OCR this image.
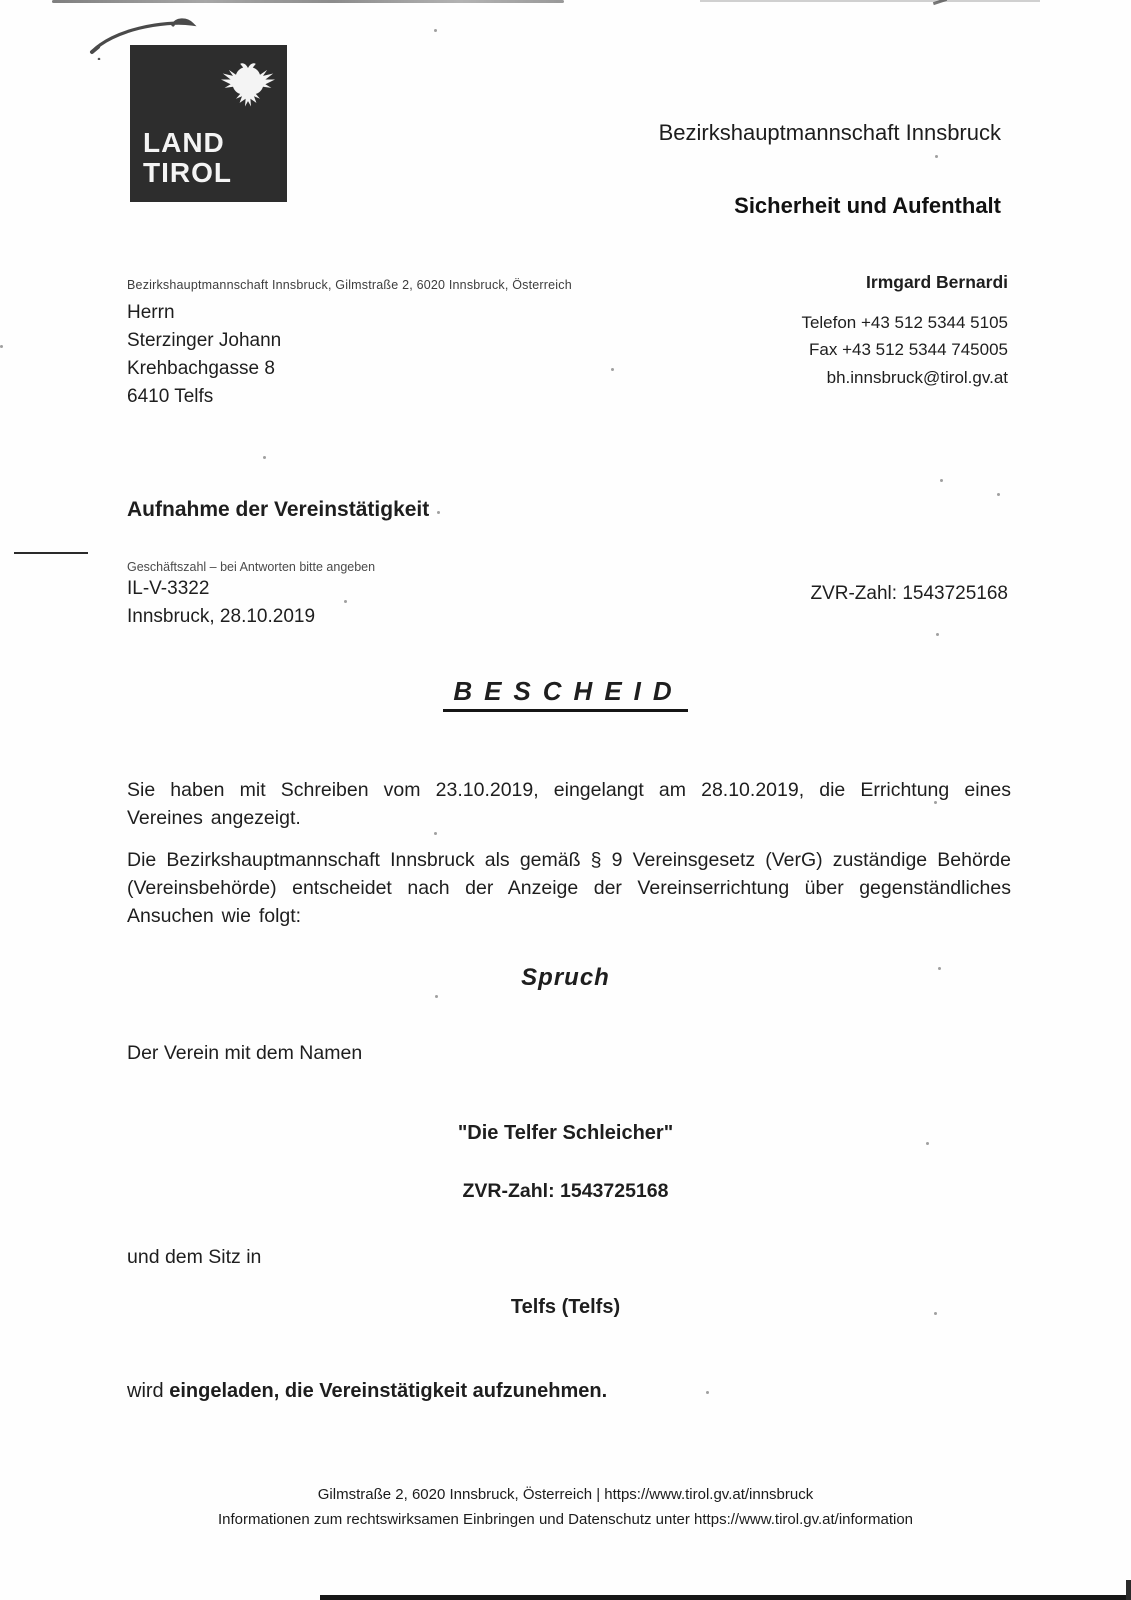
LAND
TIROL
Bezirkshauptmannschaft Innsbruck
Sicherheit und Aufenthalt
Bezirkshauptmannschaft Innsbruck, Gilmstraße 2, 6020 Innsbruck, Österreich
Herrn
Sterzinger Johann
Krehbachgasse 8
6410 Telfs
Irmgard Bernardi
Telefon +43 512 5344 5105
Fax +43 512 5344 745005
bh.innsbruck@tirol.gv.at
Aufnahme der Vereinstätigkeit
Geschäftszahl – bei Antworten bitte angeben
IL-V-3322
Innsbruck, 28.10.2019
ZVR-Zahl: 1543725168
BESCHEID
Sie haben mit Schreiben vom 23.10.2019, eingelangt am 28.10.2019, die Errichtung eines Vereines angezeigt.
Die Bezirkshauptmannschaft Innsbruck als gemäß § 9 Vereinsgesetz (VerG) zuständige Behörde (Vereinsbehörde) entscheidet nach der Anzeige der Vereinserrichtung über gegenständliches Ansuchen wie folgt:
Spruch
Der Verein mit dem Namen
"Die Telfer Schleicher"
ZVR-Zahl: 1543725168
und dem Sitz in
Telfs (Telfs)
wird eingeladen, die Vereinstätigkeit aufzunehmen.
Gilmstraße 2, 6020 Innsbruck, Österreich | https://www.tirol.gv.at/innsbruck
Informationen zum rechtswirksamen Einbringen und Datenschutz unter https://www.tirol.gv.at/information
